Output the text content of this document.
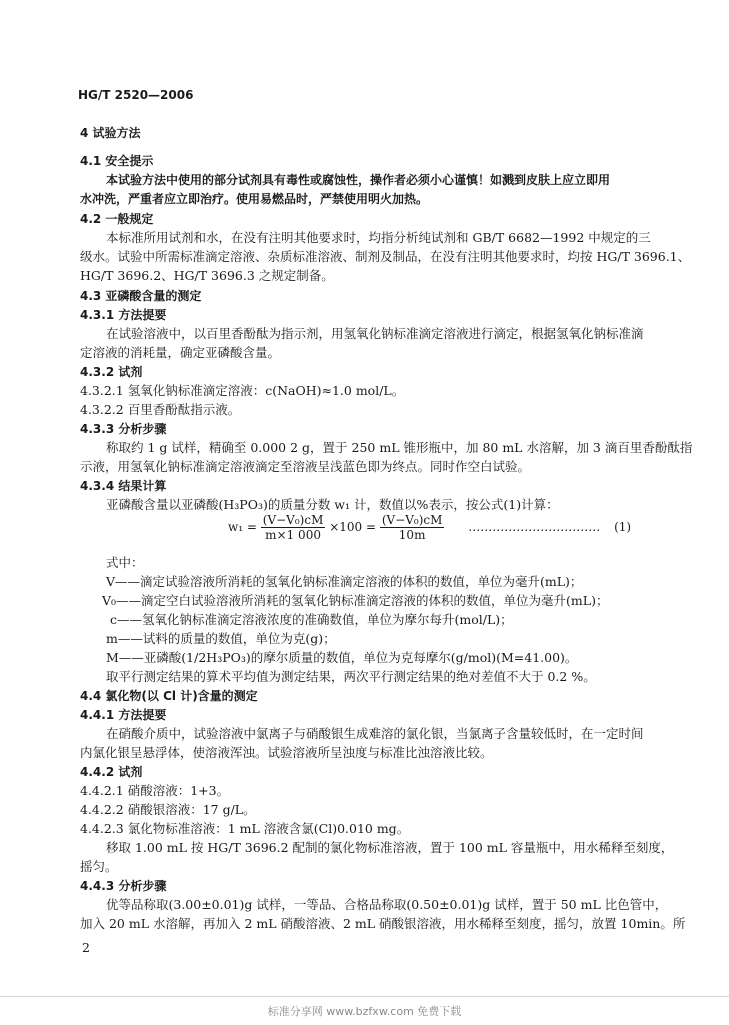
HG/T 2520—2006
4 试验方法
4.1 安全提示
本试验方法中使用的部分试剂具有毒性或腐蚀性，操作者必须小心谨慎！如溅到皮肤上应立即用
水冲洗，严重者应立即治疗。使用易燃品时，严禁使用明火加热。
4.2 一般规定
本标准所用试剂和水，在没有注明其他要求时，均指分析纯试剂和 GB/T 6682—1992 中规定的三
级水。试验中所需标准滴定溶液、杂质标准溶液、制剂及制品，在没有注明其他要求时，均按 HG/T 3696.1、
HG/T 3696.2、HG/T 3696.3 之规定制备。
4.3 亚磷酸含量的测定
4.3.1 方法提要
在试验溶液中，以百里香酚酞为指示剂，用氢氧化钠标准滴定溶液进行滴定，根据氢氧化钠标准滴
定溶液的消耗量，确定亚磷酸含量。
4.3.2 试剂
4.3.2.1 氢氧化钠标准滴定溶液：c(NaOH)≈1.0 mol/L。
4.3.2.2 百里香酚酞指示液。
4.3.3 分析步骤
称取约 1 g 试样，精确至 0.000 2 g，置于 250 mL 锥形瓶中，加 80 mL 水溶解，加 3 滴百里香酚酞指
示液，用氢氧化钠标准滴定溶液滴定至溶液呈浅蓝色即为终点。同时作空白试验。
4.3.4 结果计算
亚磷酸含量以亚磷酸(H₃PO₃)的质量分数 w₁ 计，数值以%表示，按公式(1)计算：
$w_1 = \frac{\text{(V−V₀)cM}}{m\times 1 000} \times 100 = \frac{\text{(V−V₀)cM}}{10m}$ …………………………… (1)
式中：
V——滴定试验溶液所消耗的氢氧化钠标准滴定溶液的体积的数值，单位为毫升(mL)；
V₀——滴定空白试验溶液所消耗的氢氧化钠标准滴定溶液的体积的数值，单位为毫升(mL)；
c——氢氧化钠标准滴定溶液浓度的准确数值，单位为摩尔每升(mol/L)；
m——试料的质量的数值，单位为克(g)；
M——亚磷酸(1/2H₃PO₃)的摩尔质量的数值，单位为克每摩尔(g/mol)(M=41.00)。
取平行测定结果的算术平均值为测定结果，两次平行测定结果的绝对差值不大于 0.2 %。
4.4 氯化物(以 Cl 计)含量的测定
4.4.1 方法提要
在硝酸介质中，试验溶液中氯离子与硝酸银生成难溶的氯化银，当氯离子含量较低时，在一定时间
内氯化银呈悬浮体，使溶液浑浊。试验溶液所呈浊度与标准比浊溶液比较。
4.4.2 试剂
4.4.2.1 硝酸溶液：1+3。
4.4.2.2 硝酸银溶液：17 g/L。
4.4.2.3 氯化物标准溶液：1 mL 溶液含氯(Cl)0.010 mg。
移取 1.00 mL 按 HG/T 3696.2 配制的氯化物标准溶液，置于 100 mL 容量瓶中，用水稀释至刻度，
摇匀。
4.4.3 分析步骤
优等品称取(3.00±0.01)g 试样，一等品、合格品称取(0.50±0.01)g 试样，置于 50 mL 比色管中，
加入 20 mL 水溶解，再加入 2 mL 硝酸溶液、2 mL 硝酸银溶液，用水稀释至刻度，摇匀，放置 10min。所
2
标准分享网 www.bzfxw.com 免费下载
